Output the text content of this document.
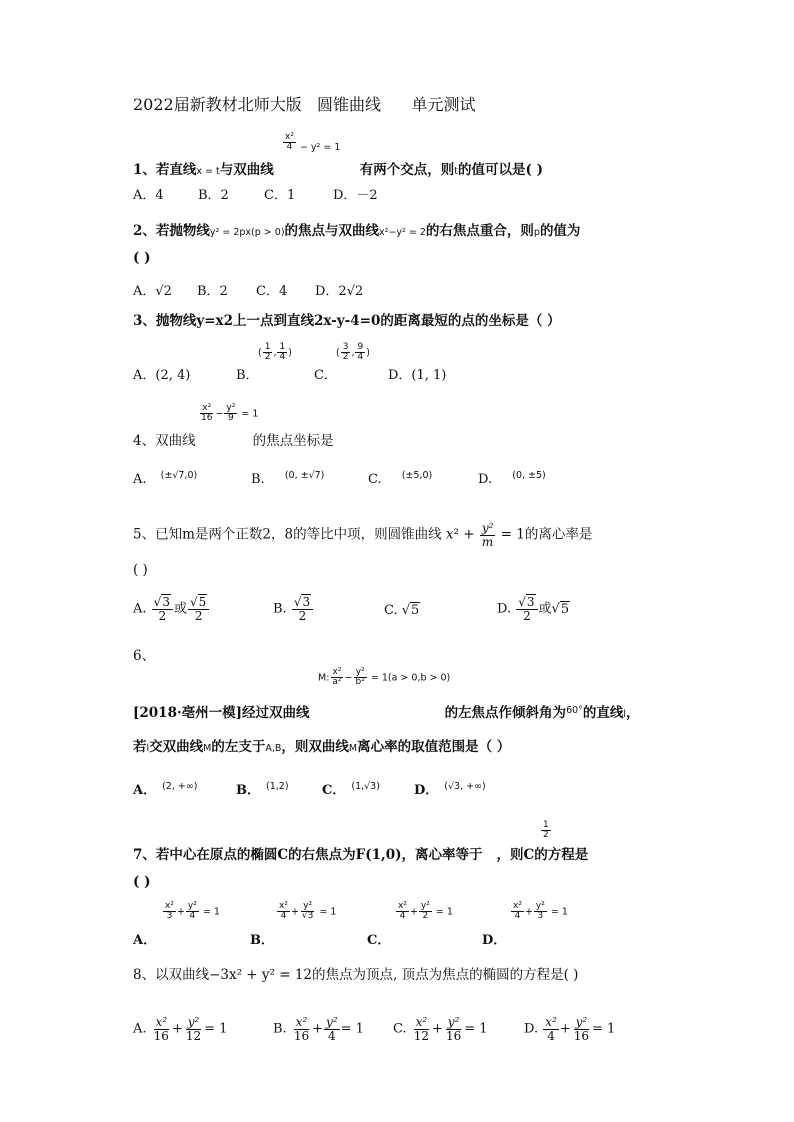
2022届新教材北师大版   圆锥曲线      单元测试
$\frac{\text{x²}}{4} - y^2 = 1$
1、若直线x = t与双曲线	有两个交点，则t的值可以是( )
A．4	B．2	C．1	D．－2
2、若抛物线y² = 2px(p > 0)的焦点与双曲线x²−y² = 2的右焦点重合，则p的值为
( )
A．√2 B．2 C．4 D．2√2
3、抛物线y=x2上一点到直线2x-y-4=0的距离最短的点的坐标是（ ）
A．(2, 4)	B．
( $\frac{1}{2}$ , $\frac{1}{4}$ )
C．
( $\frac{3}{2}$ , $\frac{9}{4}$ )
D．(1, 1)
$\frac{\text{x²}}{16} - \frac{\text{y²}}{9} = 1$
4、双曲线	的焦点坐标是
A. $^{(\pm√7,0)}$	B. $^{(0, \pm√7)}$	C. $^{(\pm 5,0)}$	D. $^{(0, \pm 5)}$
5、已知m是两个正数2，8的等比中项，则圆锥曲线 $x^2 + \frac{\text{y²}}{m} = 1$的离心率是
( )
A. $\frac{√3}{2}$ 或 $\frac{√5}{2}$	B. $\frac{√3}{2}$	C. √5	D. $\frac{√3}{2}$ 或√5
6、
M: $\frac{\text{x²}}{\text{a²}} - \frac{\text{y²}}{\text{b²}} = 1(a > 0,b > 0)$
[2018·亳州一模]经过双曲线	的左焦点作倾斜角为$^{60^\circ}$的直线l，
若l交双曲线M的左支于A,B，则双曲线M离心率的取值范围是（ ）
A． $^{(2, +\infty)}$	B． $^{(1,2)}$	C． $^{(1,√3)}$	D． $^{(√3, +\infty)}$
$\frac{1}{2}$
7、若中心在原点的椭圆C的右焦点为F(1,0)，离心率等于 ，则C的方程是
( )
A．
$\frac{\text{x²}}{3} + \frac{\text{y²}}{4} = 1$
B．
$\frac{\text{x²}}{4} + \frac{\text{y²}}{√3} = 1$
C．
$\frac{\text{x²}}{4} + \frac{\text{y²}}{2} = 1$
D．
$\frac{\text{x²}}{4} + \frac{\text{y²}}{3} = 1$
8、以双曲线−3x² + y² = 12的焦点为顶点, 顶点为焦点的椭圆的方程是( )
A. $\frac{\text{x²}}{16} + \frac{\text{y²}}{12} = 1$	B. $\frac{\text{x²}}{16} + \frac{\text{y²}}{4} = 1$ C. $\frac{\text{x²}}{12} + \frac{\text{y²}}{16} = 1$	D. $\frac{\text{x²}}{4} + \frac{\text{y²}}{16} = 1$
